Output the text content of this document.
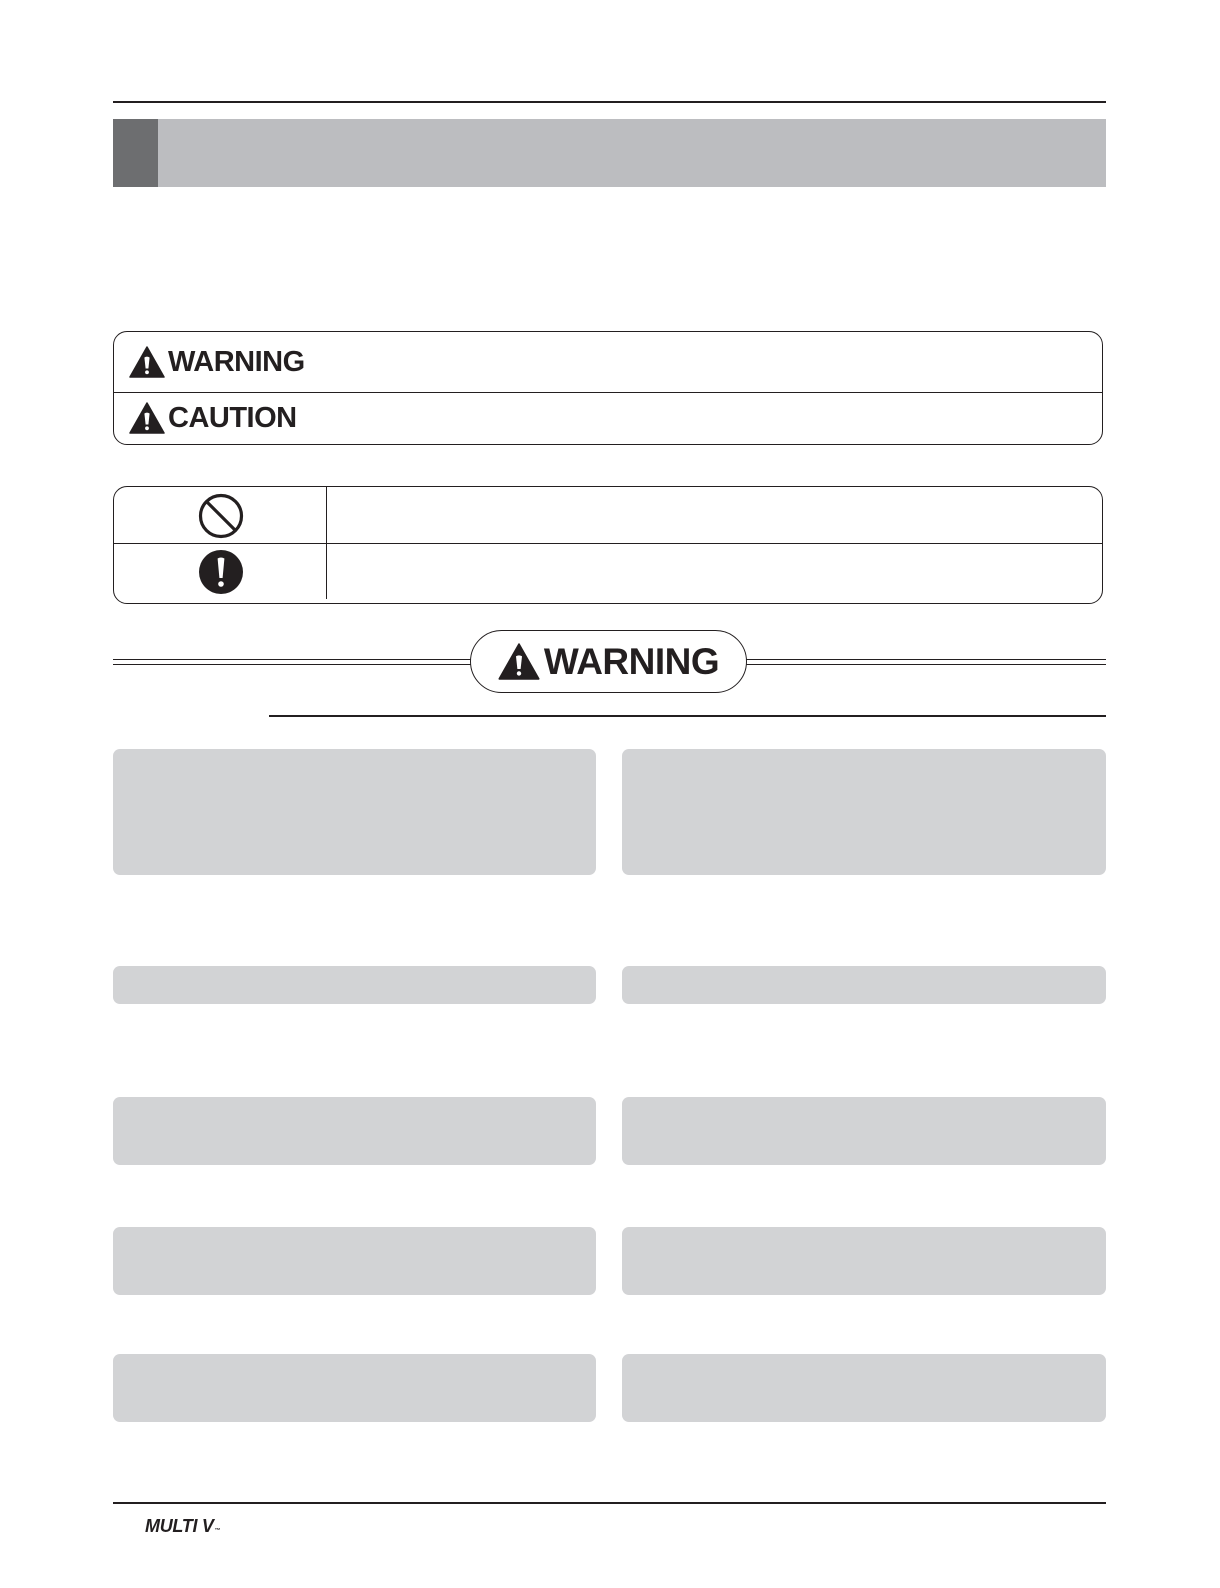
WARNING
CAUTION
WARNING
MULTI V ™
